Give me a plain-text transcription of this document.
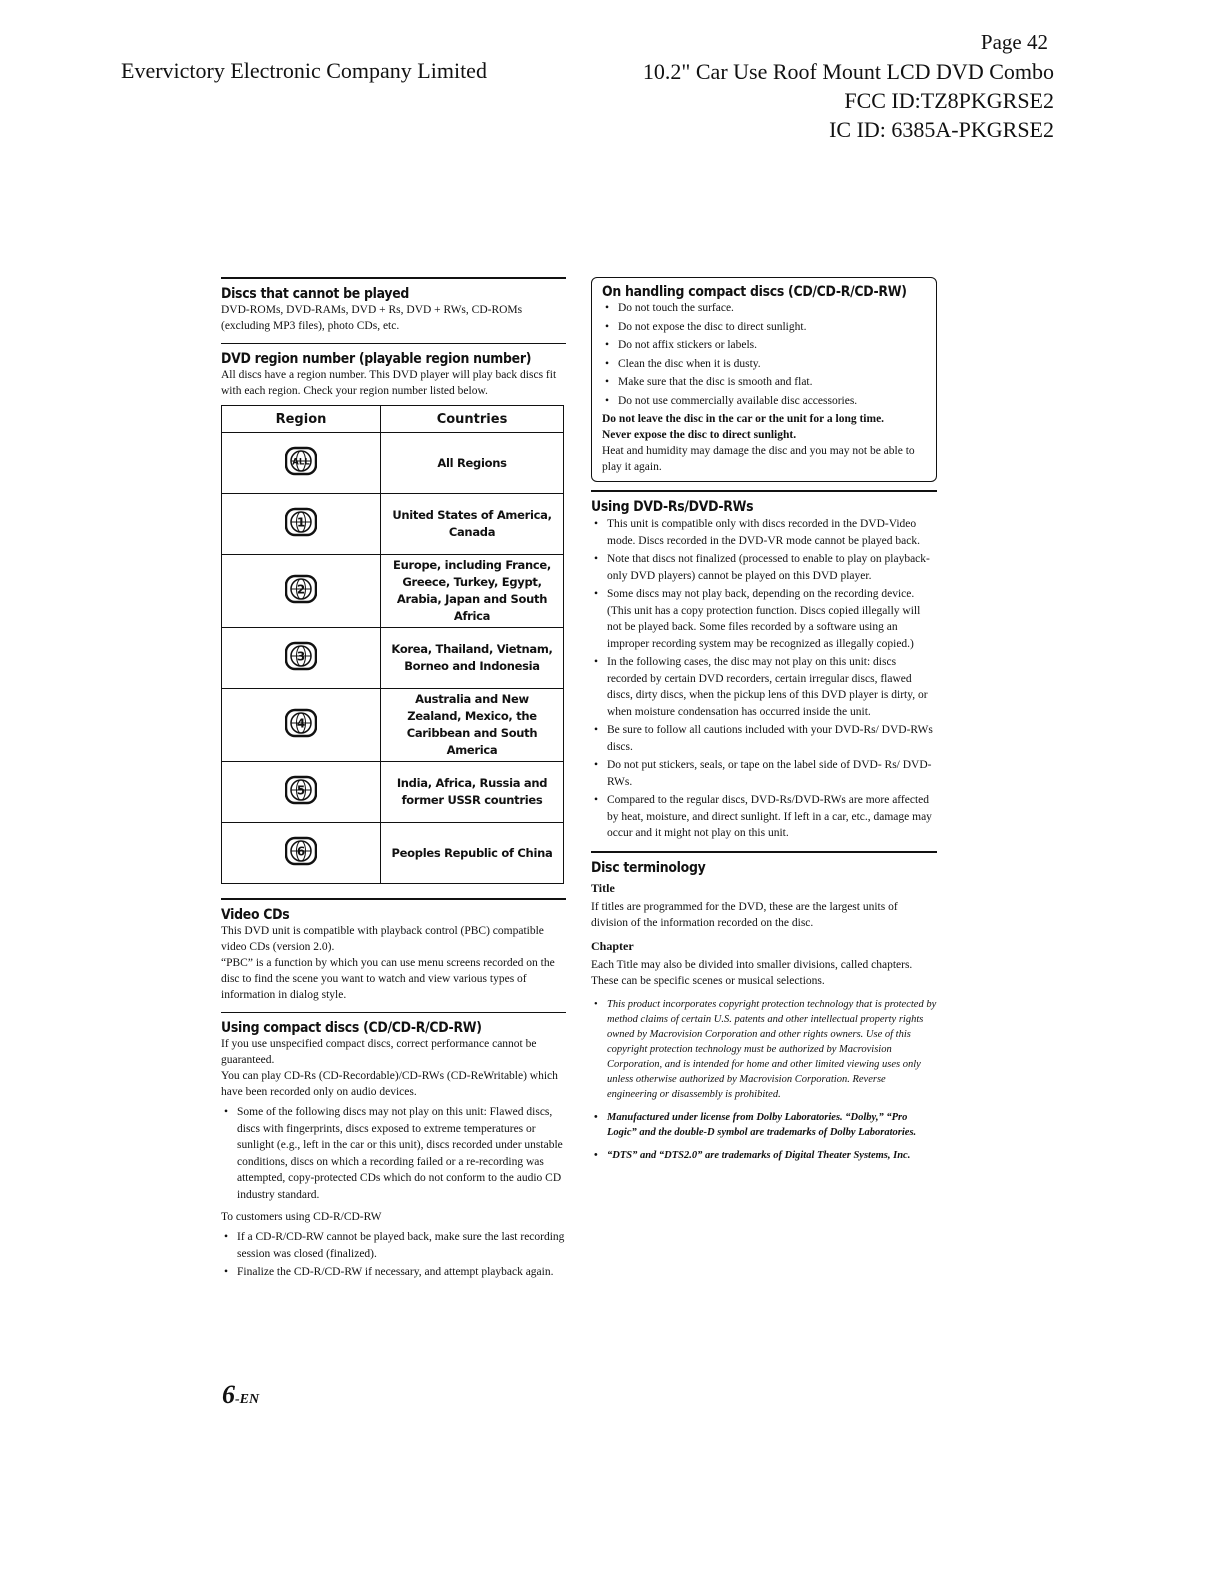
Evervictory Electronic Company Limited
Page 42
10.2" Car Use Roof Mount LCD DVD Combo
FCC ID:TZ8PKGRSE2
IC ID: 6385A-PKGRSE2
Discs that cannot be played
DVD-ROMs, DVD-RAMs, DVD + Rs, DVD + RWs, CD-ROMs (excluding MP3 files), photo CDs, etc.
DVD region number (playable region number)
All discs have a region number. This DVD player will play back discs fit with each region. Check your region number listed below.
Region	Countries

ALL	All Regions

1	United States of America, Canada

2	Europe, including France, Greece, Turkey, Egypt, Arabia, Japan and South Africa

3	Korea, Thailand, Vietnam, Borneo and Indonesia

4	Australia and New Zealand, Mexico, the Caribbean and South America

5	India, Africa, Russia and former USSR countries

6	Peoples Republic of China
Video CDs

This DVD unit is compatible with playback control (PBC) compatible video CDs (version 2.0).

“PBC” is a function by which you can use menu screens recorded on the disc to find the scene you want to watch and view various types of information in dialog style.

Using compact discs (CD/CD-R/CD-RW)

If you use unspecified compact discs, correct performance cannot be guaranteed.

You can play CD-Rs (CD-Recordable)/CD-RWs (CD-ReWritable) which have been recorded only on audio devices.

• Some of the following discs may not play on this unit: Flawed discs, discs with fingerprints, discs exposed to extreme temperatures or sunlight (e.g., left in the car or this unit), discs recorded under unstable conditions, discs on which a recording failed or a re-recording was attempted, copy-protected CDs which do not conform to the audio CD industry standard.
To customers using CD-R/CD-RW
• If a CD-R/CD-RW cannot be played back, make sure the last recording session was closed (finalized).
• Finalize the CD-R/CD-RW if necessary, and attempt playback again.
6-EN
On handling compact discs (CD/CD-R/CD-RW)
• Do not touch the surface.
• Do not expose the disc to direct sunlight.
• Do not affix stickers or labels.
• Clean the disc when it is dusty.
• Make sure that the disc is smooth and flat.
• Do not use commercially available disc accessories.
Do not leave the disc in the car or the unit for a long time.
Never expose the disc to direct sunlight.
Heat and humidity may damage the disc and you may not be able to play it again.
Using DVD-Rs/DVD-RWs
• This unit is compatible only with discs recorded in the DVD-Video mode. Discs recorded in the DVD-VR mode cannot be played back.
• Note that discs not finalized (processed to enable to play on playback-only DVD players) cannot be played on this DVD player.
• Some discs may not play back, depending on the recording device. (This unit has a copy protection function. Discs copied illegally will not be played back. Some files recorded by a software using an improper recording system may be recognized as illegally copied.)
• In the following cases, the disc may not play on this unit: discs recorded by certain DVD recorders, certain irregular discs, flawed discs, dirty discs, when the pickup lens of this DVD player is dirty, or when moisture condensation has occurred inside the unit.
• Be sure to follow all cautions included with your DVD-Rs/ DVD-RWs discs.
• Do not put stickers, seals, or tape on the label side of DVD- Rs/ DVD-RWs.
• Compared to the regular discs, DVD-Rs/DVD-RWs are more affected by heat, moisture, and direct sunlight. If left in a car, etc., damage may occur and it might not play on this unit.
Disc terminology
Title
If titles are programmed for the DVD, these are the largest units of division of the information recorded on the disc.
Chapter
Each Title may also be divided into smaller divisions, called chapters. These can be specific scenes or musical selections.
• This product incorporates copyright protection technology that is protected by method claims of certain U.S. patents and other intellectual property rights owned by Macrovision Corporation and other rights owners. Use of this copyright protection technology must be authorized by Macrovision Corporation, and is intended for home and other limited viewing uses only unless otherwise authorized by Macrovision Corporation. Reverse engineering or disassembly is prohibited.
• Manufactured under license from Dolby Laboratories. “Dolby,” “Pro Logic” and the double-D symbol are trademarks of Dolby Laboratories.
• “DTS” and “DTS2.0” are trademarks of Digital Theater Systems, Inc.
